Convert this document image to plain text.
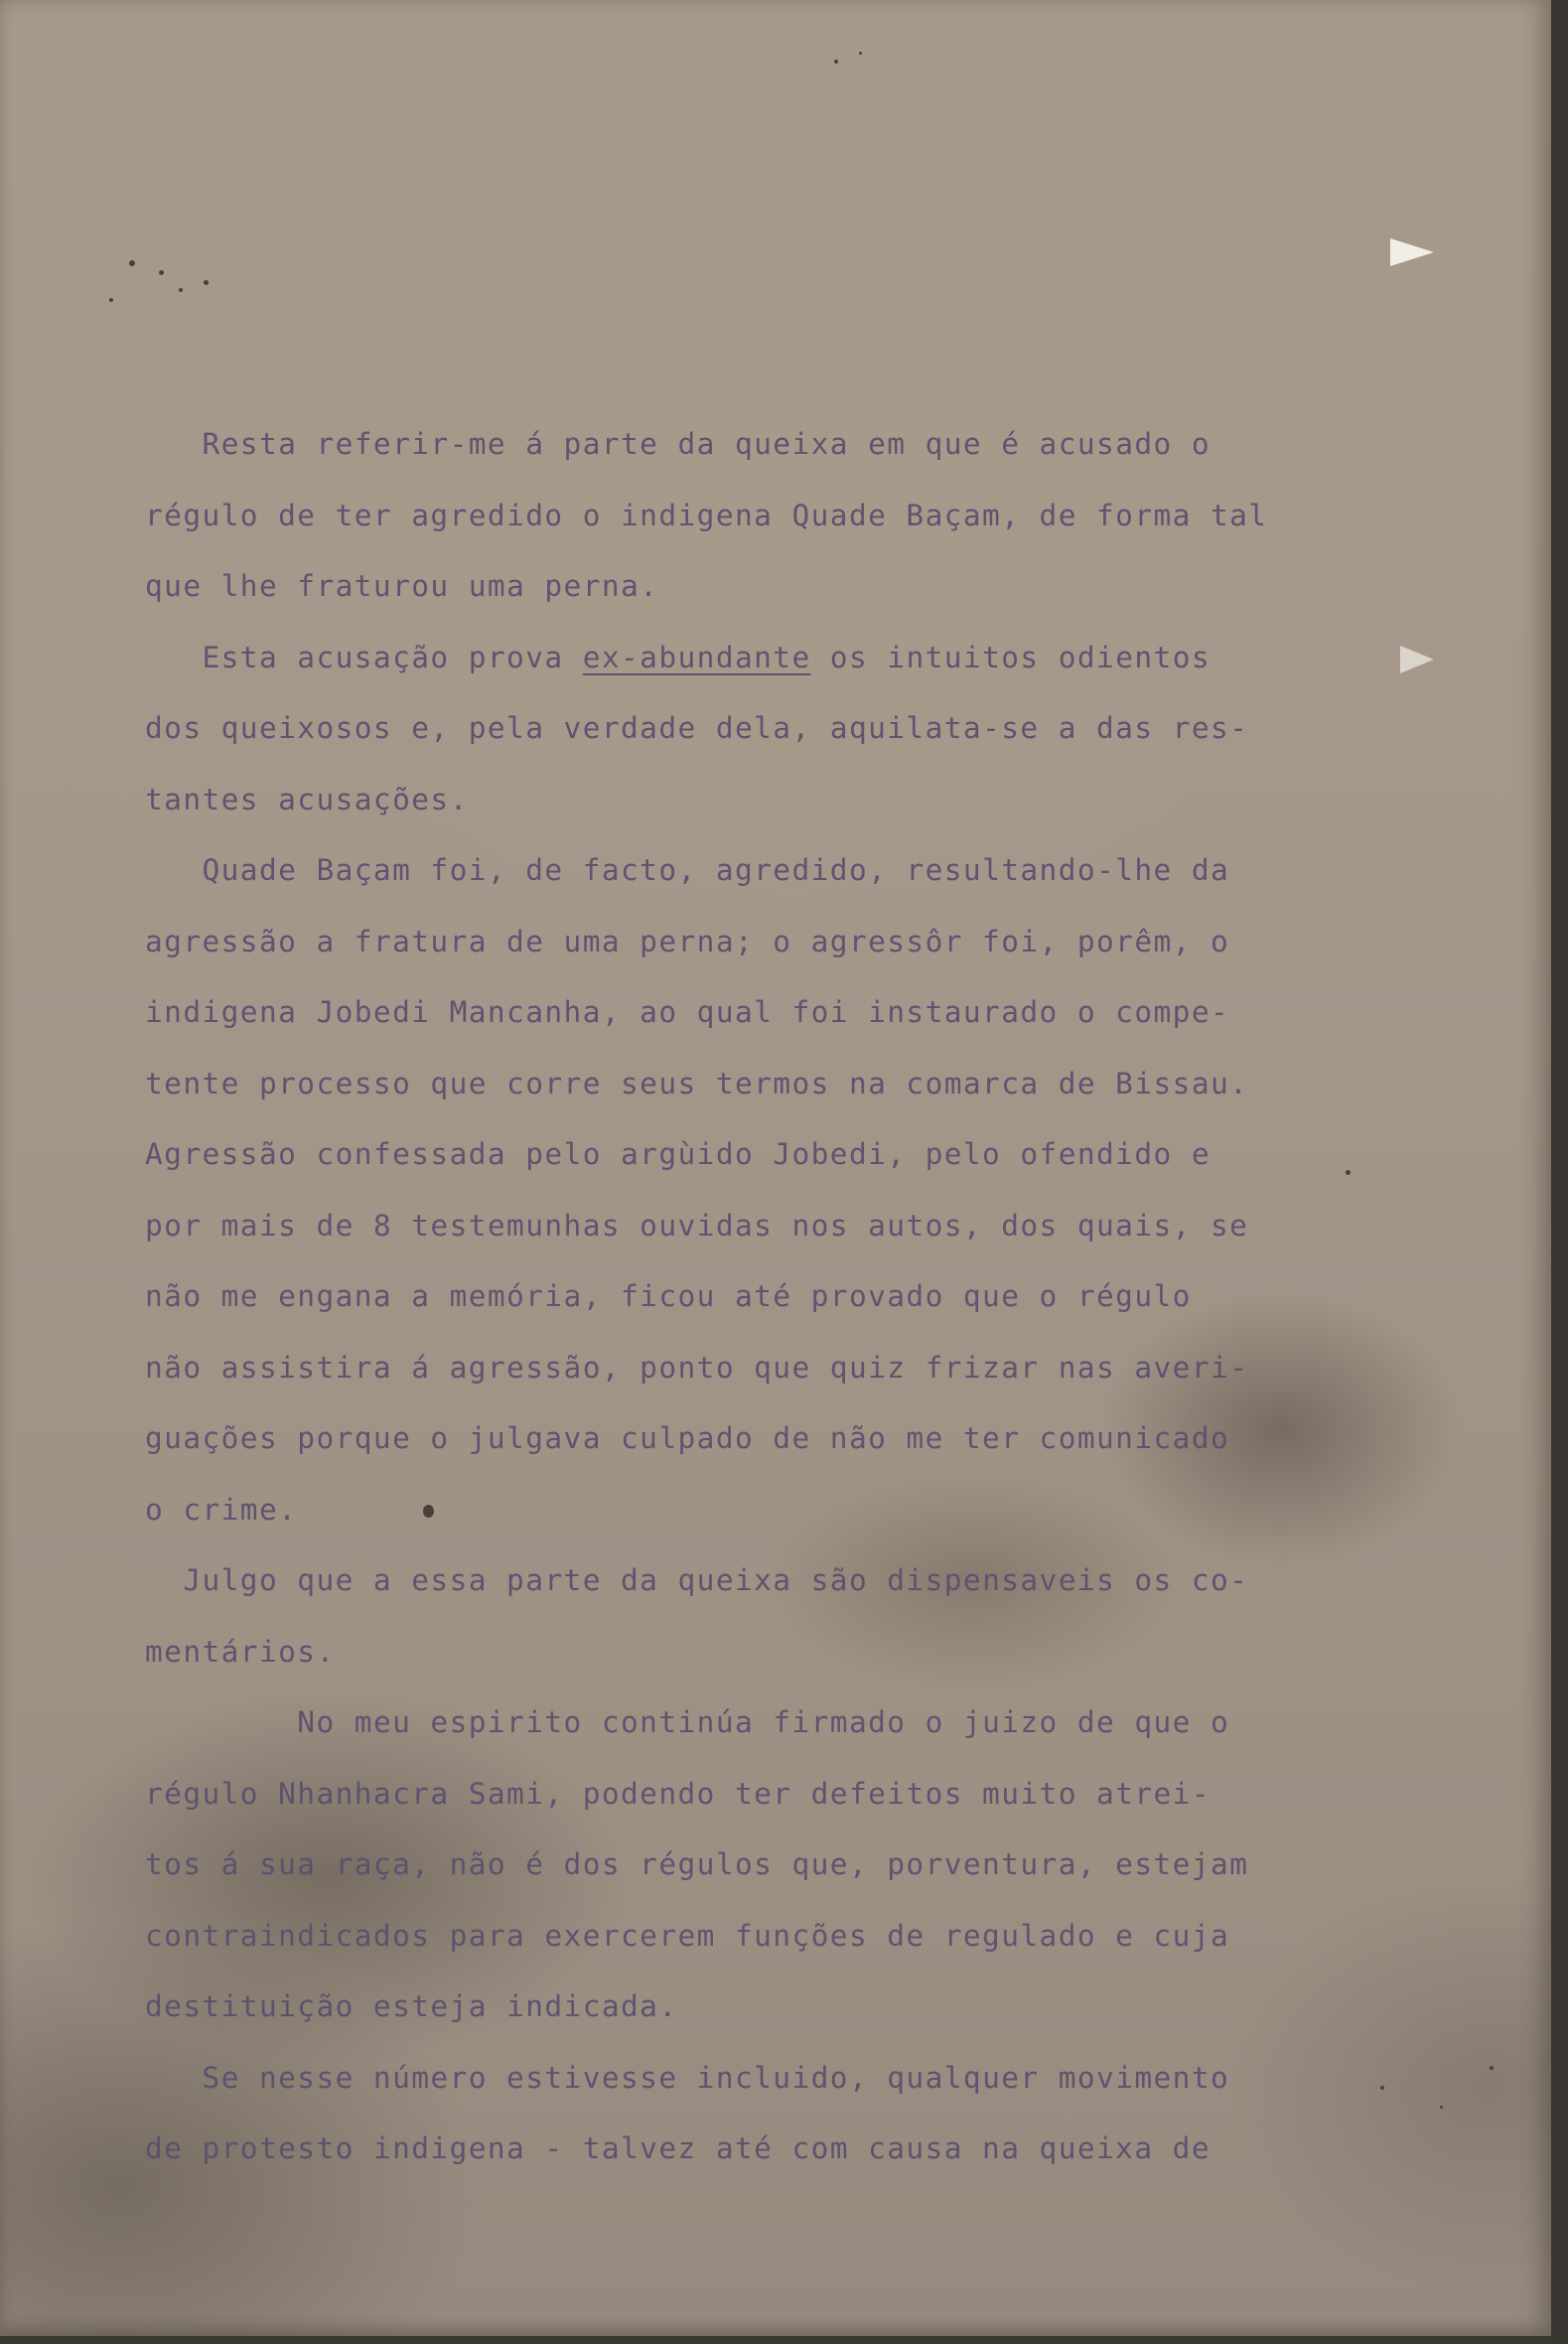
Resta referir-me á parte da queixa em que é acusado o
régulo de ter agredido o indigena Quade Baçam, de forma tal
que lhe fraturou uma perna.
Esta acusação prova ex-abundante os intuitos odientos
dos queixosos e, pela verdade dela, aquilata-se a das res-
tantes acusações.
Quade Baçam foi, de facto, agredido, resultando-lhe da
agressão a fratura de uma perna; o agressôr foi, porêm, o
indigena Jobedi Mancanha, ao qual foi instaurado o compe-
tente processo que corre seus termos na comarca de Bissau.
Agressão confessada pelo argùido Jobedi, pelo ofendido e
por mais de 8 testemunhas ouvidas nos autos, dos quais, se
não me engana a memória, ficou até provado que o régulo
não assistira á agressão, ponto que quiz frizar nas averi-
guações porque o julgava culpado de não me ter comunicado
o crime.
Julgo que a essa parte da queixa são dispensaveis os co-
mentários.
No meu espirito continúa firmado o juizo de que o
régulo Nhanhacra Sami, podendo ter defeitos muito atrei-
tos á sua raça, não é dos régulos que, porventura, estejam
contraindicados para exercerem funções de regulado e cuja
destituição esteja indicada.
Se nesse número estivesse incluido, qualquer movimento
de protesto indigena - talvez até com causa na queixa de
